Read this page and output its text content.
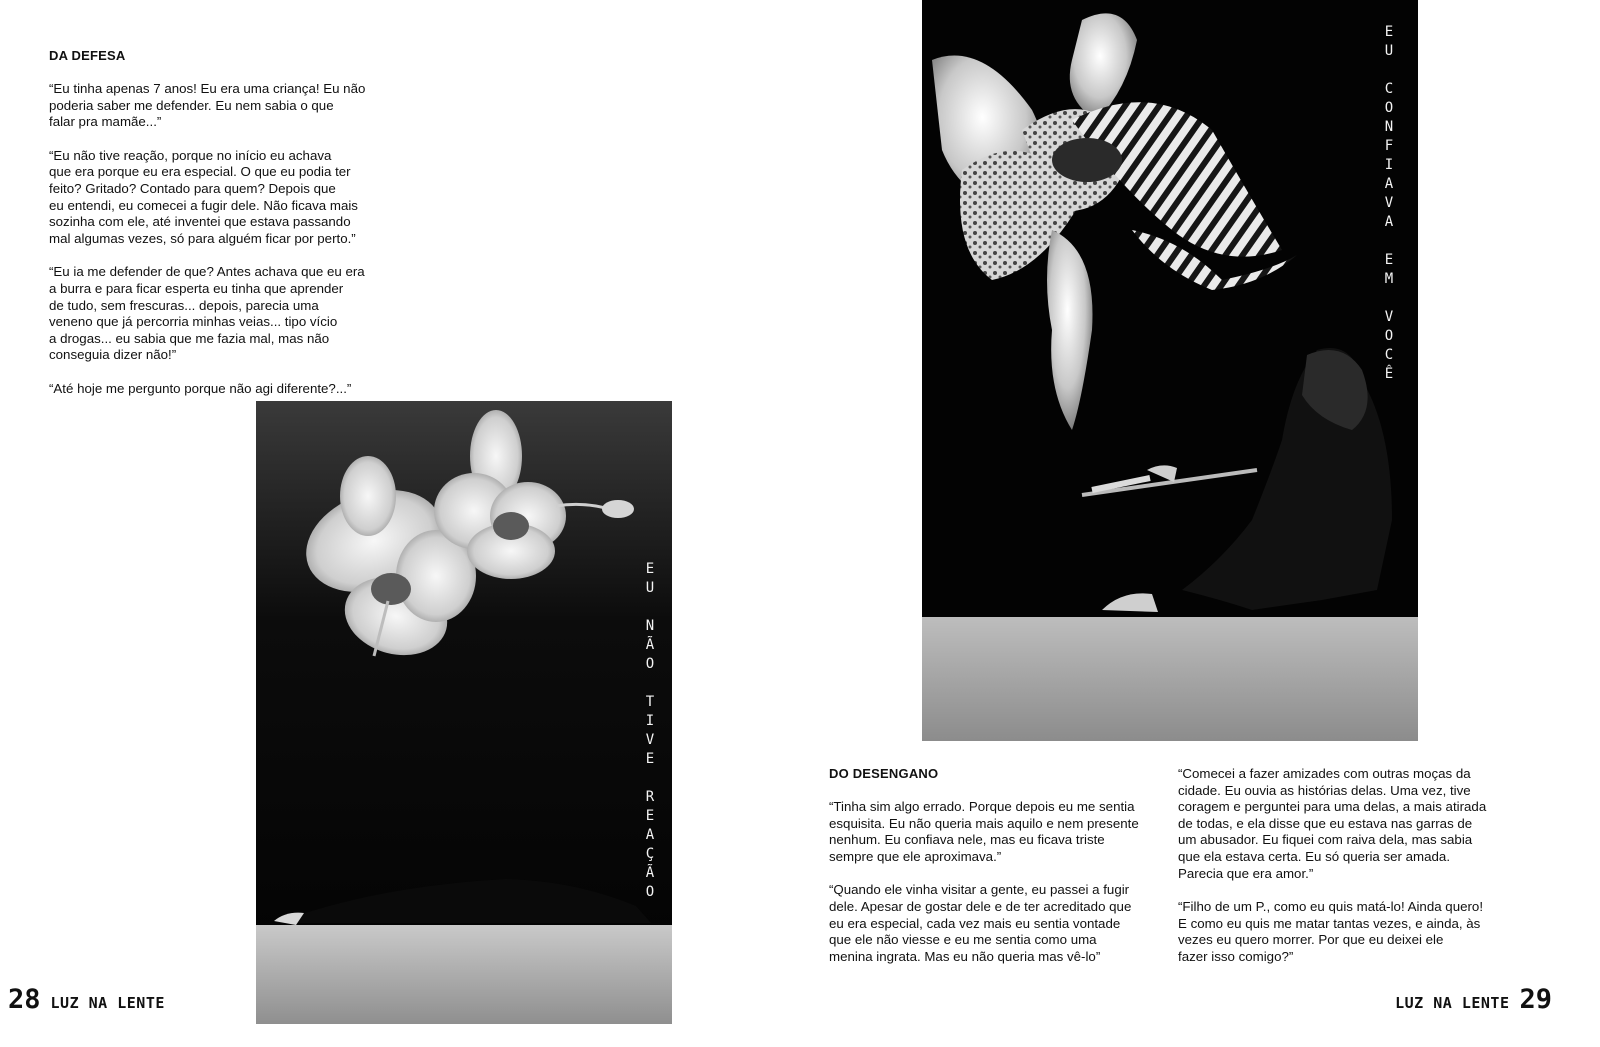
DA DEFESA

“Eu tinha apenas 7 anos! Eu era uma criança! Eu não
poderia saber me defender. Eu nem sabia o que
falar pra mamãe...”

“Eu não tive reação, porque no início eu achava
que era porque eu era especial. O que eu podia ter
feito? Gritado? Contado para quem? Depois que
eu entendi, eu comecei a fugir dele. Não ficava mais
sozinha com ele, até inventei que estava passando
mal algumas vezes, só para alguém ficar por perto.”

“Eu ia me defender de que? Antes achava que eu era
a burra e para ficar esperta eu tinha que aprender
de tudo, sem frescuras... depois, parecia uma
veneno que já percorria minhas veias... tipo vício
a drogas... eu sabia que me fazia mal, mas não
conseguia dizer não!”

“Até hoje me pergunto porque não agi diferente?...”

E
U
N
Ã
O
T
I
V
E
R
E
A
Ç
Ã
O
28 LUZ NA LENTE
E
U
C
O
N
F
I
A
V
A
E
M
V
O
C
Ê
DO DESENGANO

“Tinha sim algo errado. Porque depois eu me sentia
esquisita. Eu não queria mais aquilo e nem presente
nenhum. Eu confiava nele, mas eu ficava triste
sempre que ele aproximava.”

“Quando ele vinha visitar a gente, eu passei a fugir
dele. Apesar de gostar dele e de ter acreditado que
eu era especial, cada vez mais eu sentia vontade
que ele não viesse e eu me sentia como uma
menina ingrata. Mas eu não queria mas vê-lo”

“Comecei a fazer amizades com outras moças da
cidade. Eu ouvia as histórias delas. Uma vez, tive
coragem e perguntei para uma delas, a mais atirada
de todas, e ela disse que eu estava nas garras de
um abusador. Eu fiquei com raiva dela, mas sabia
que ela estava certa. Eu só queria ser amada.
Parecia que era amor.”

“Filho de um P., como eu quis matá-lo! Ainda quero!
E como eu quis me matar tantas vezes, e ainda, às
vezes eu quero morrer. Por que eu deixei ele
fazer isso comigo?”

LUZ NA LENTE 29
